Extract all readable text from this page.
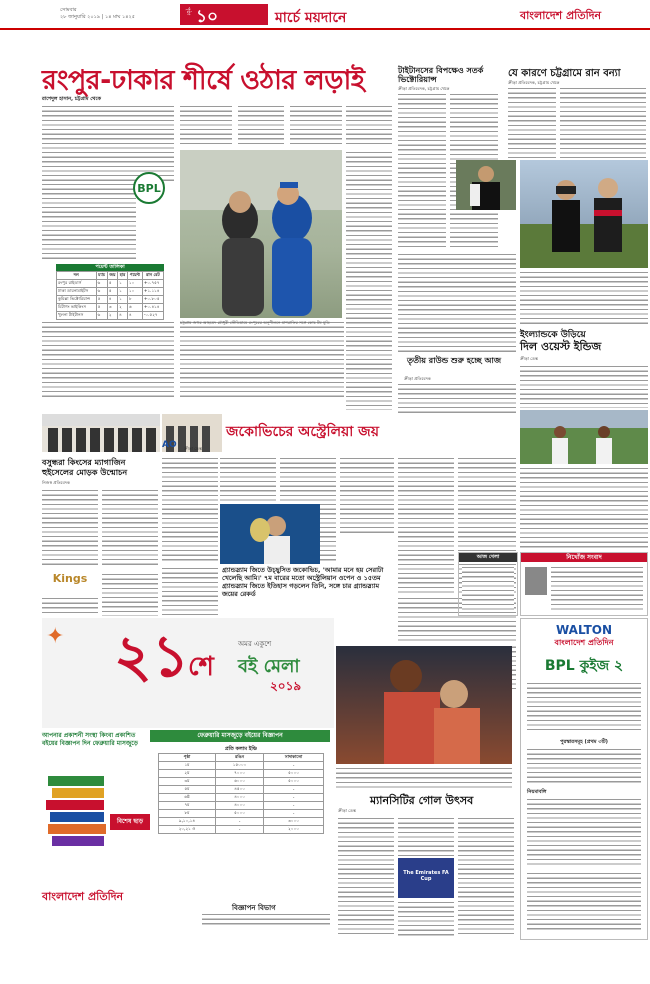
সোমবার
২৮ জানুয়ারি ২০১৯ | ১৪ মাঘ ১৪২৫
পৃষ্ঠা ১০	মার্চে ময়দানে	বাংলাদেশ প্রতিদিন
রংপুর-ঢাকার শীর্ষে ওঠার লড়াই
রাশেদুল হাসান, চট্টগ্রাম থেকে
BPL
পয়েন্ট তালিকা
দল	ম্যাচ	জয়	হার	পয়েন্ট	রান রেট
রংপুর রাইডার্স	৬	৫	১	১০	+০.৭৫৭
ঢাকা ডায়নামাইটস	৬	৫	১	১০	+১.১১৪
কুমিল্লা ভিক্টোরিয়ান্স	৫	৪	১	৮	+০.৮০৫
চিটাগং ভাইকিংস	৫	৩	২	৬	+০.৪১৪
খুলনা টাইটানস	৬	২	৪	৪	-০.৫২৭

চট্টগ্রাম জহুর আহমেদ চৌধুরী স্টেডিয়ামে রংপুরের অনুশীলনে মাশরাফির সঙ্গে কোচ টম মুডি
টাইটানসের বিপক্ষেও সতর্ক ভিক্টোরিয়ান্স
ক্রীড়া প্রতিবেদক, চট্টগ্রাম থেকে
যে কারণে চট্টগ্রামে রান বন্যা
ক্রীড়া প্রতিবেদক, চট্টগ্রাম থেকে
তৃতীয় রাউন্ড শুরু হচ্ছে আজ
ক্রীড়া প্রতিবেদক
ইংল্যান্ডকে উড়িয়ে
দিল ওয়েস্ট ইন্ডিজ
ক্রীড়া ডেস্ক
বসুন্ধরা কিংসের ম্যাগাজিন
হুইসেলের মোড়ক উন্মোচন
নিজস্ব প্রতিবেদক
Kings
জকোভিচের অস্ট্রেলিয়া জয়
ক্রীড়া ডেস্ক
AO
গ্র্যান্ডস্ল্যাম জিতে উচ্ছ্বসিত জকোভিচ, 'আমার মনে হয় সেরাটা খেলেছি আমি।' ৭ম বারের মতো অস্ট্রেলিয়ান ওপেন ও ১৫তম গ্র্যান্ডস্ল্যাম জিতে ইতিহাস গড়লেন তিনি, সঙ্গে চার গ্র্যান্ডস্ল্যাম জয়ের রেকর্ড
✦ ২১
শে বই মেলা
অমর একুশে
২০১৯
আপনার প্রকাশনী সংস্থা কিংবা প্রকাশিত বইয়ের বিজ্ঞাপন দিন ফেব্রুয়ারি মাসজুড়ে
বিশেষ ছাড়
বাংলাদেশ প্রতিদিন
ফেব্রুয়ারি মাসজুড়ে বইয়ের বিজ্ঞাপন
প্রতি কলাম ইঞ্চি
পৃষ্ঠা	রঙিন	সাদাকালো
১ম	১৫০০০	-
২য়	৭০০০	৫০০০
৩য়	৬০০০	৫০০০
৫ম	৪৫০০	-
৬ষ্ঠ	৪০০০	-
৭ম	৪০০০	-
৮ম	৫০০০	-
৯,১০,১৪	-	৩০০০
২০,২১ ও	-	২০০০
বিজ্ঞাপন বিভাগ
ম্যানসিটির গোল উৎসব
ক্রীড়া ডেস্ক
The Emirates FA Cup
নিখোঁজ সংবাদ
আজ খেলা
WALTON
বাংলাদেশ প্রতিদিন
BPL কুইজ ২
পুরস্কারসমূহ (প্রথম ৩টি)
নিয়মাবলি
